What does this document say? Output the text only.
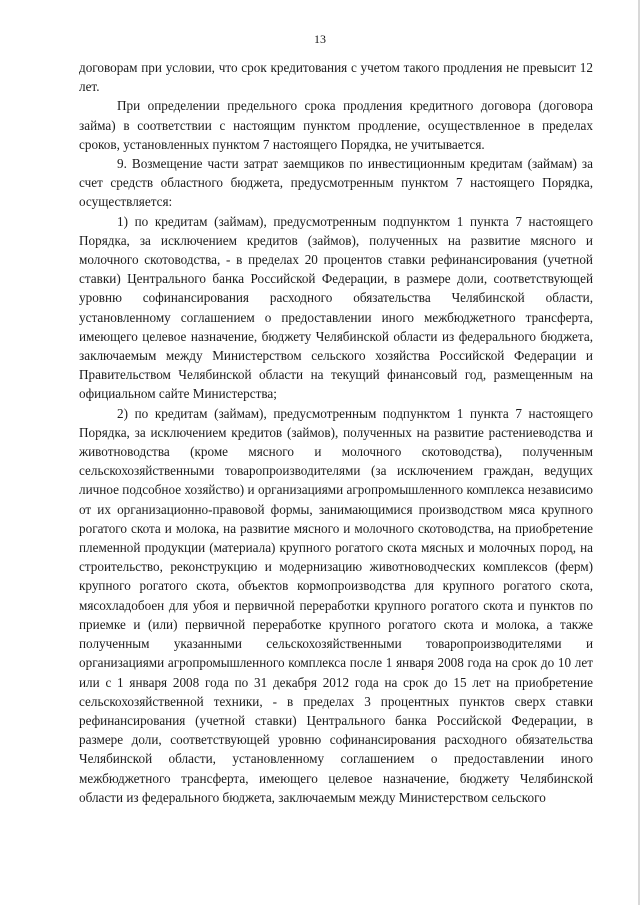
13

договорам при условии, что срок кредитования с учетом такого продления не превысит 12 лет.

При определении предельного срока продления кредитного договора (договора займа) в соответствии с настоящим пунктом продление, осуществленное в пределах сроков, установленных пунктом 7 настоящего Порядка, не учитывается.

9. Возмещение части затрат заемщиков по инвестиционным кредитам (займам) за счет средств областного бюджета, предусмотренным пунктом 7 настоящего Порядка, осуществляется:

1) по кредитам (займам), предусмотренным подпунктом 1 пункта 7 настоящего Порядка, за исключением кредитов (займов), полученных на развитие мясного и молочного скотоводства, - в пределах 20 процентов ставки рефинансирования (учетной ставки) Центрального банка Российской Федерации, в размере доли, соответствующей уровню софинансирования расходного обязательства Челябинской области, установленному соглашением о предоставлении иного межбюджетного трансферта, имеющего целевое назначение, бюджету Челябинской области из федерального бюджета, заключаемым между Министерством сельского хозяйства Российской Федерации и Правительством Челябинской области на текущий финансовый год, размещенным на официальном сайте Министерства;

2) по кредитам (займам), предусмотренным подпунктом 1 пункта 7 настоящего Порядка, за исключением кредитов (займов), полученных на развитие растениеводства и животноводства (кроме мясного и молочного скотоводства), полученным сельскохозяйственными товаропроизводителями (за исключением граждан, ведущих личное подсобное хозяйство) и организациями агропромышленного комплекса независимо от их организационно-правовой формы, занимающимися производством мяса крупного рогатого скота и молока, на развитие мясного и молочного скотоводства, на приобретение племенной продукции (материала) крупного рогатого скота мясных и молочных пород, на строительство, реконструкцию и модернизацию животноводческих комплексов (ферм) крупного рогатого скота, объектов кормопроизводства для крупного рогатого скота, мясохладобоен для убоя и первичной переработки крупного рогатого скота и пунктов по приемке и (или) первичной переработке крупного рогатого скота и молока, а также полученным указанными сельскохозяйственными товаропроизводителями и организациями агропромышленного комплекса после 1 января 2008 года на срок до 10 лет или с 1 января 2008 года по 31 декабря 2012 года на срок до 15 лет на приобретение сельскохозяйственной техники, - в пределах 3 процентных пунктов сверх ставки рефинансирования (учетной ставки) Центрального банка Российской Федерации, в размере доли, соответствующей уровню софинансирования расходного обязательства Челябинской области, установленному соглашением о предоставлении иного межбюджетного трансферта, имеющего целевое назначение, бюджету Челябинской области из федерального бюджета, заключаемым между Министерством сельского
